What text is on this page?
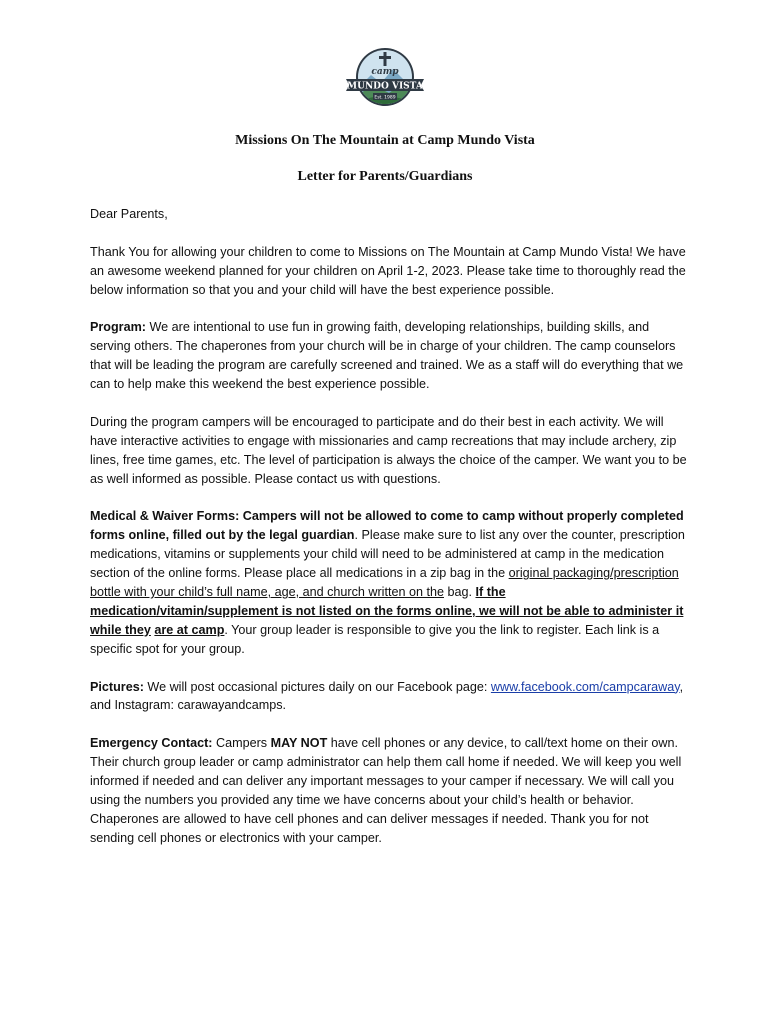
camp
MUNDO VISTA
Est. 1989
Missions On The Mountain at Camp Mundo Vista
Letter for Parents/Guardians

Dear Parents,

Thank You for allowing your children to come to Missions on The Mountain at Camp Mundo Vista! We have an awesome weekend planned for your children on April 1-2, 2023. Please take time to thoroughly read the below information so that you and your child will have the best experience possible.

Program: We are intentional to use fun in growing faith, developing relationships, building skills, and serving others. The chaperones from your church will be in charge of your children. The camp counselors that will be leading the program are carefully screened and trained. We as a staff will do everything that we can to help make this weekend the best experience possible.

During the program campers will be encouraged to participate and do their best in each activity. We will have interactive activities to engage with missionaries and camp recreations that may include archery, zip lines, free time games, etc. The level of participation is always the choice of the camper. We want you to be as well informed as possible. Please contact us with questions.

Medical & Waiver Forms: Campers will not be allowed to come to camp without properly completed forms online, filled out by the legal guardian. Please make sure to list any over the counter, prescription medications, vitamins or supplements your child will need to be administered at camp in the medication section of the online forms. Please place all medications in a zip bag in the original packaging/prescription bottle with your child’s full name, age, and church written on the bag. If the medication/vitamin/supplement is not listed on the forms online, we will not be able to administer it while they are at camp. Your group leader is responsible to give you the link to register. Each link is a specific spot for your group.

Pictures: We will post occasional pictures daily on our Facebook page: www.facebook.com/campcaraway, and Instagram: carawayandcamps.

Emergency Contact: Campers MAY NOT have cell phones or any device, to call/text home on their own. Their church group leader or camp administrator can help them call home if needed. We will keep you well informed if needed and can deliver any important messages to your camper if necessary. We will call you using the numbers you provided any time we have concerns about your child’s health or behavior. Chaperones are allowed to have cell phones and can deliver messages if needed. Thank you for not sending cell phones or electronics with your camper.
